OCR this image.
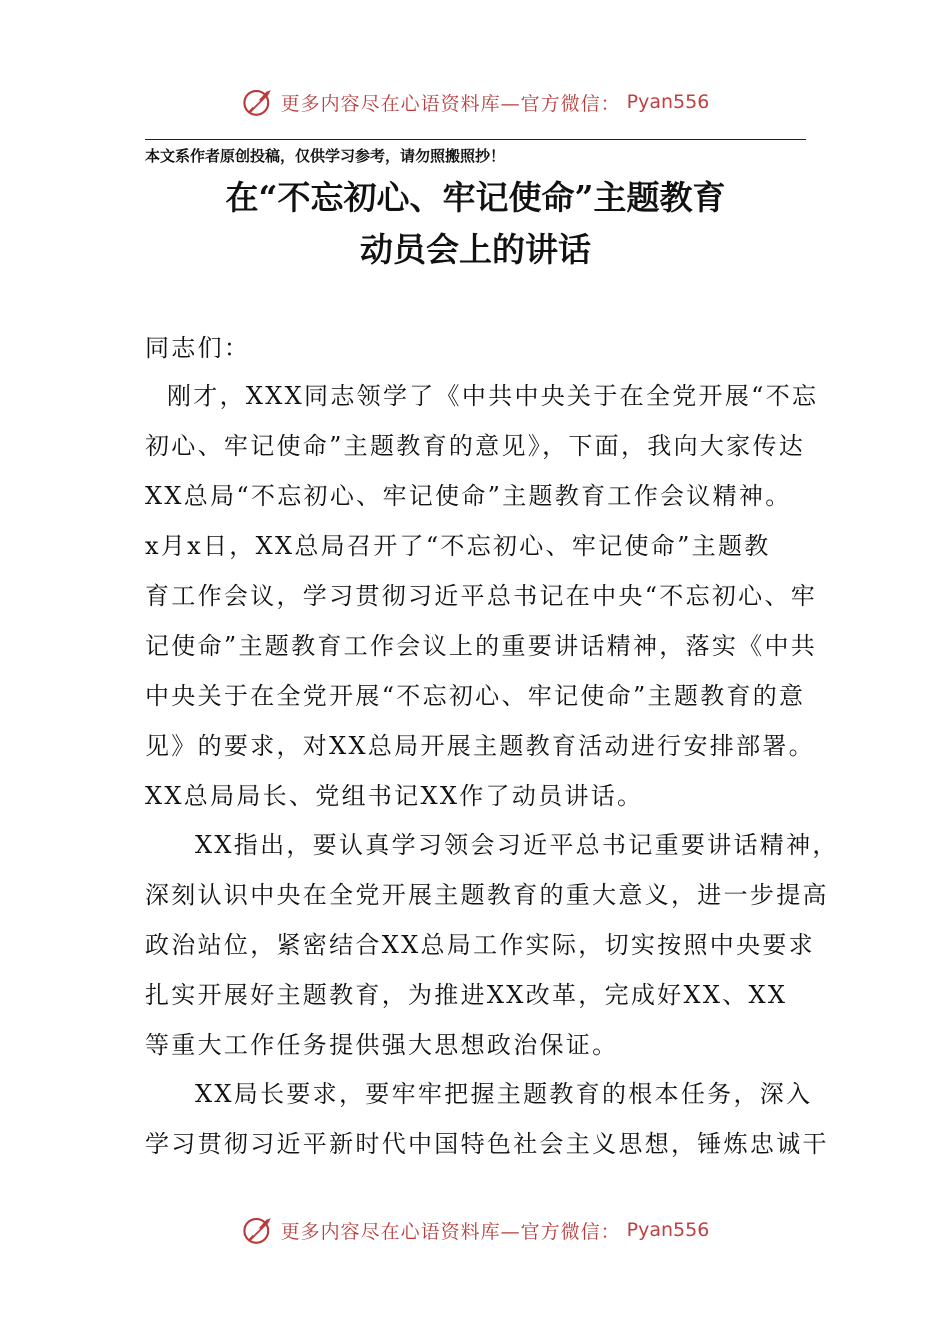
更多内容尽在心语资料库—官方微信： Pyan556
本文系作者原创投稿，仅供学习参考，请勿照搬照抄！
在“不忘初心、牢记使命”主题教育
动员会上的讲话
同志们：
刚才，XXX同志领学了《中共中央关于在全党开展“不忘
初心、牢记使命”主题教育的意见》，下面，我向大家传达
XX总局“不忘初心、牢记使命”主题教育工作会议精神。
x月x日，XX总局召开了“不忘初心、牢记使命”主题教
育工作会议，学习贯彻习近平总书记在中央“不忘初心、牢
记使命”主题教育工作会议上的重要讲话精神，落实《中共
中央关于在全党开展“不忘初心、牢记使命”主题教育的意
见》的要求，对XX总局开展主题教育活动进行安排部署。
XX总局局长、党组书记XX作了动员讲话。
XX指出，要认真学习领会习近平总书记重要讲话精神，
深刻认识中央在全党开展主题教育的重大意义，进一步提高
政治站位，紧密结合XX总局工作实际，切实按照中央要求
扎实开展好主题教育，为推进XX改革，完成好XX、XX
等重大工作任务提供强大思想政治保证。
XX局长要求，要牢牢把握主题教育的根本任务，深入
学习贯彻习近平新时代中国特色社会主义思想，锤炼忠诚干
更多内容尽在心语资料库—官方微信： Pyan556
